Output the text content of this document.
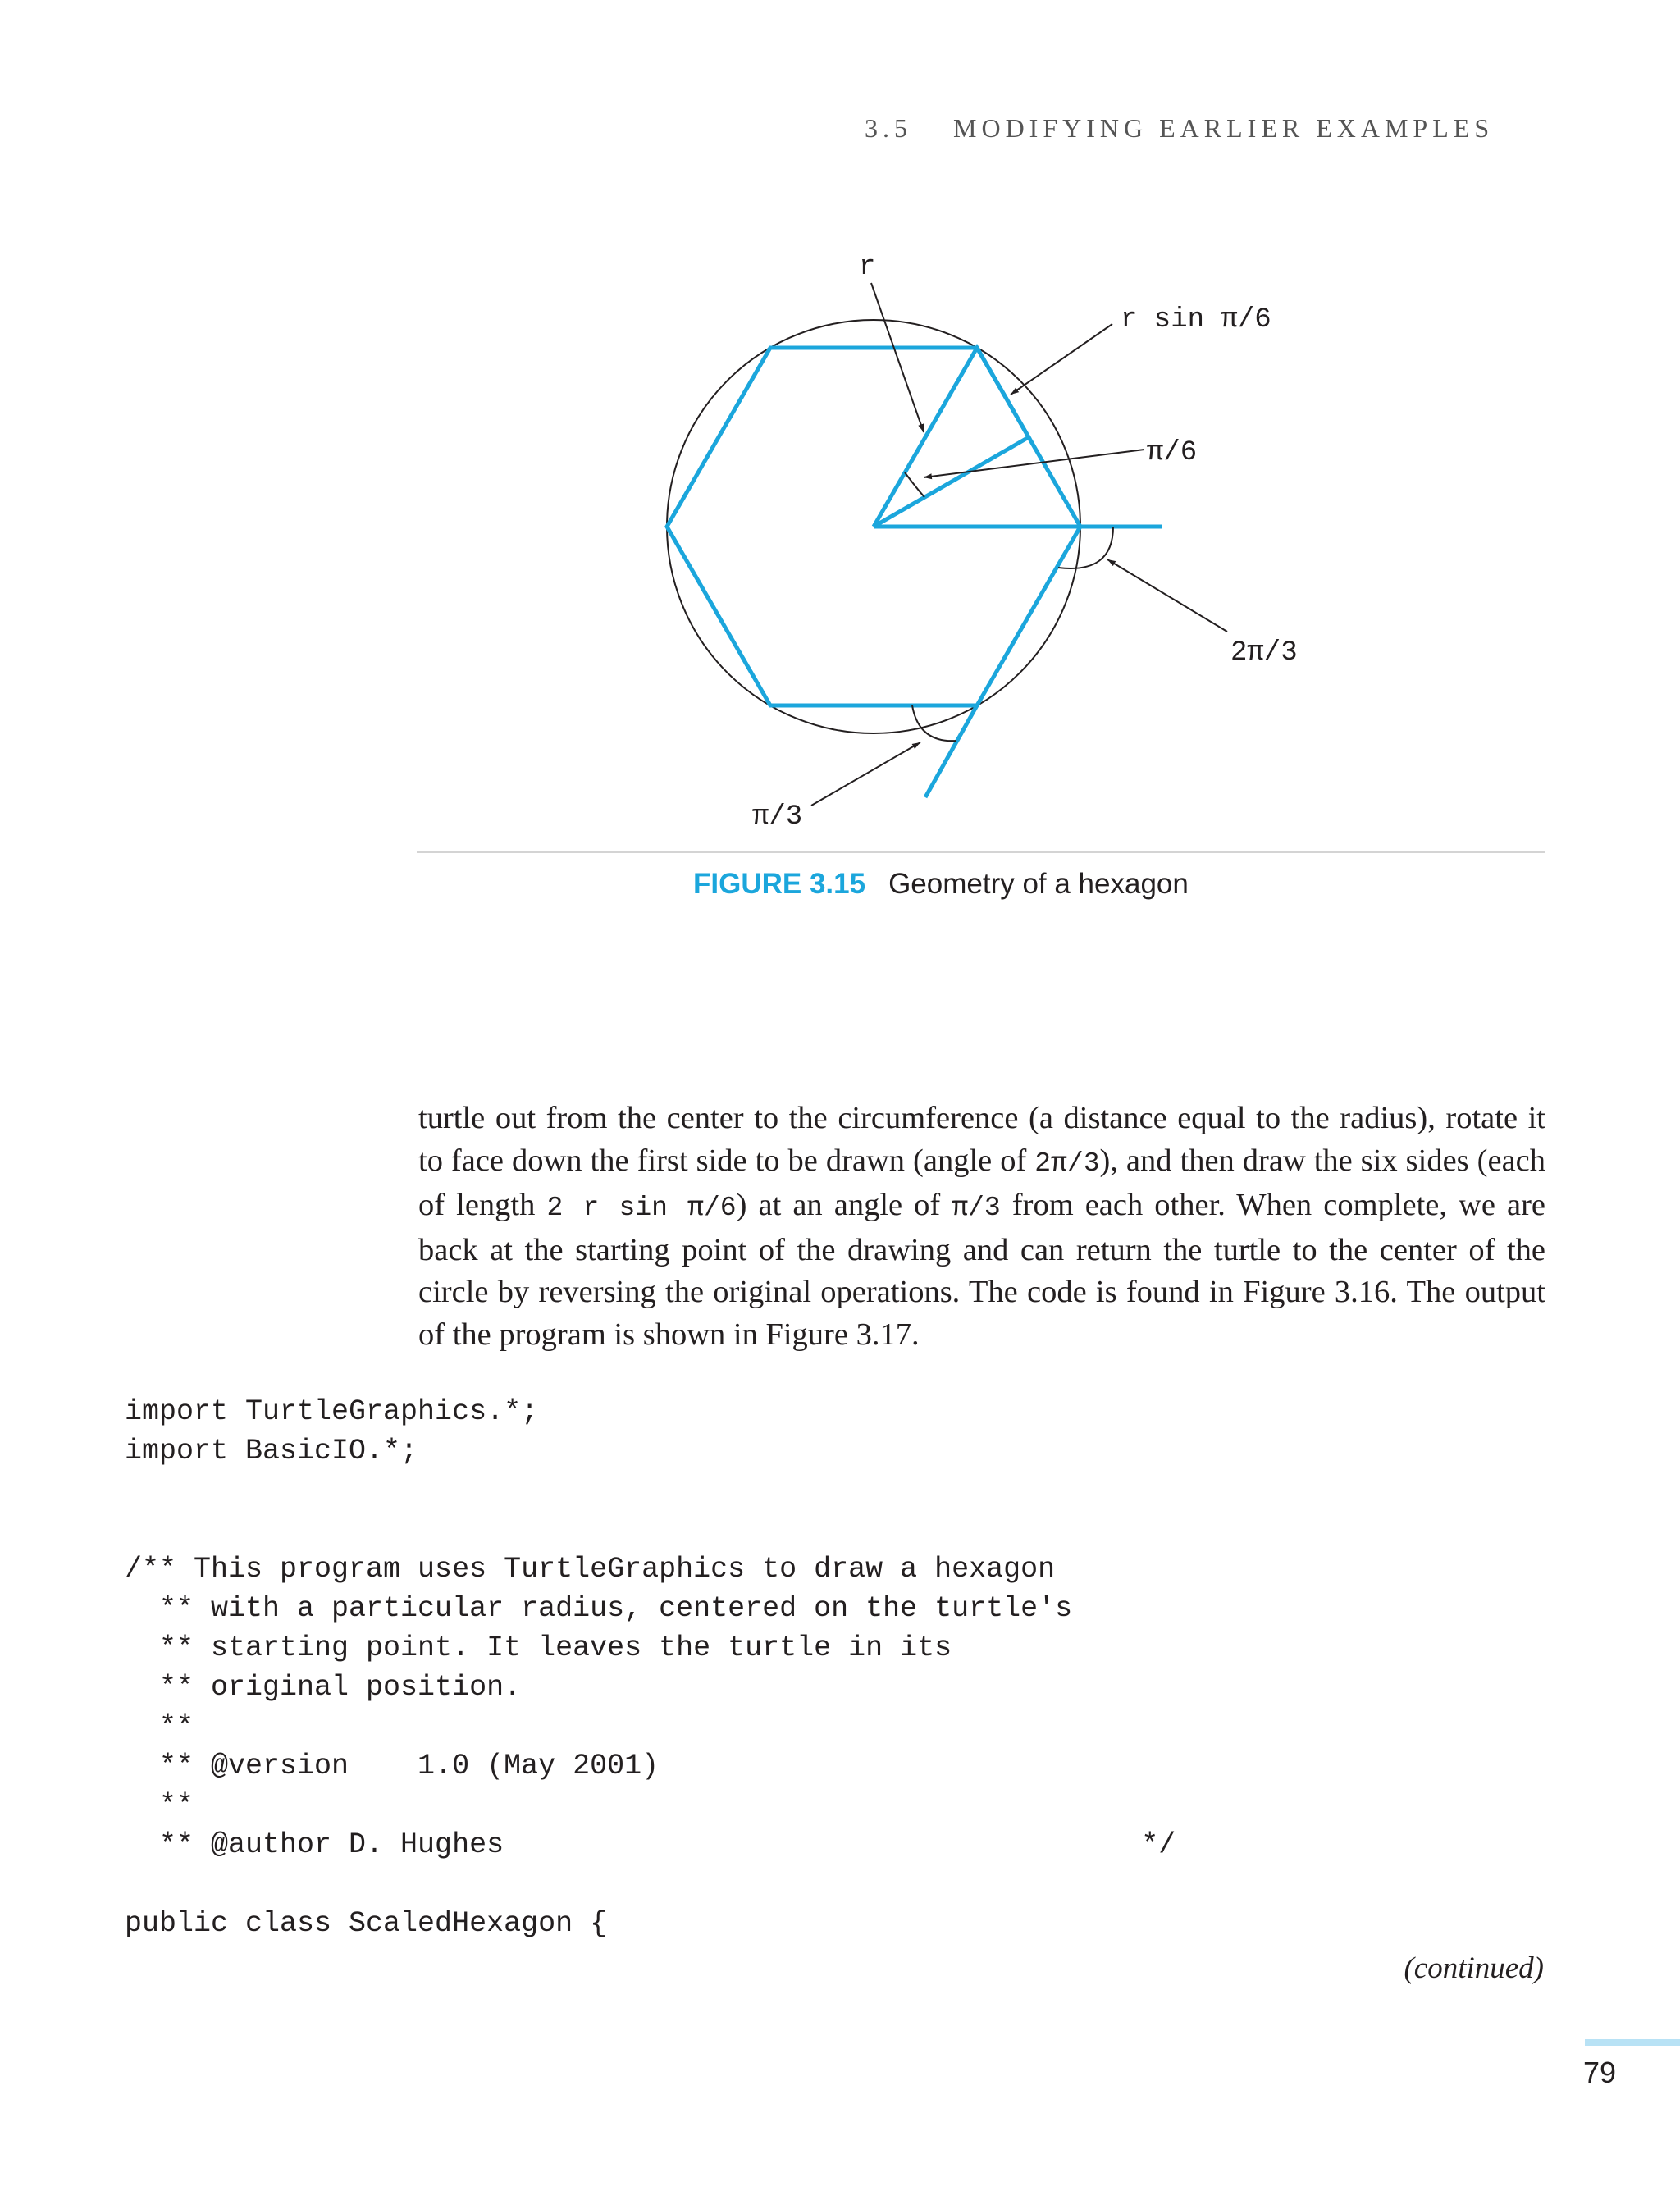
3.5 MODIFYING EARLIER EXAMPLES
r
r sin π/6
π/6
2π/3
π/3
FIGURE 3.15 Geometry of a hexagon

turtle out from the center to the circumference (a distance equal to the radius), rotate it
to face down the first side to be drawn (angle of 2π/3), and then draw the six sides (each
of length 2 r sin π/6) at an angle of π/3 from each other. When complete, we are
back at the starting point of the drawing and can return the turtle to the center of the
circle by reversing the original operations. The code is found in Figure 3.16. The output
of the program is shown in Figure 3.17.

import TurtleGraphics.*;
import BasicIO.*;
/** This program uses TurtleGraphics to draw a hexagon
** with a particular radius, centered on the turtle's
** starting point. It leaves the turtle in its
** original position.
**
** @version    1.0 (May 2001)
**
** @author D. Hughes                                     */
public class ScaledHexagon {
(continued)
79
